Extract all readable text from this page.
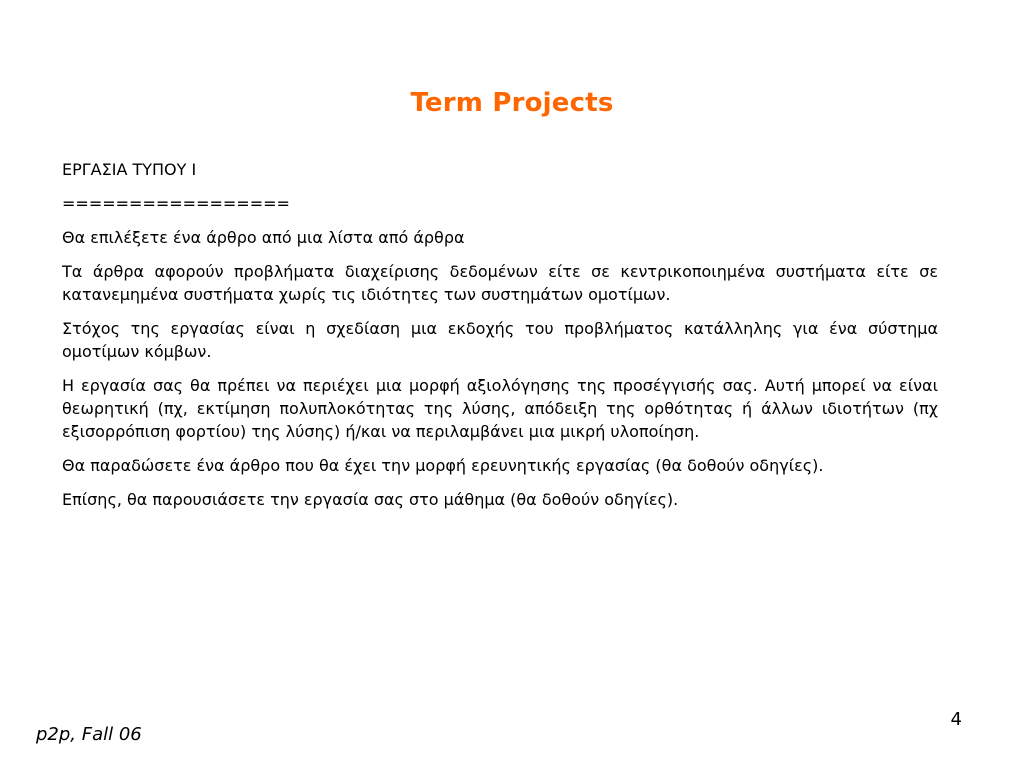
Term Projects

ΕΡΓΑΣΙΑ ΤΥΠΟΥ Ι

=================

Θα επιλέξετε ένα άρθρο από μια λίστα από άρθρα

Τα άρθρα αφορούν προβλήματα διαχείρισης δεδομένων είτε σε κεντρικοποιημένα συστήματα είτε σε κατανεμημένα συστήματα χωρίς τις ιδιότητες των συστημάτων ομοτίμων.

Στόχος της εργασίας είναι η σχεδίαση μια εκδοχής του προβλήματος κατάλληλης για ένα σύστημα ομοτίμων κόμβων.

Η εργασία σας θα πρέπει να περιέχει μια μορφή αξιολόγησης της προσέγγισής σας. Αυτή μπορεί να είναι θεωρητική (πχ, εκτίμηση πολυπλοκότητας της λύσης, απόδειξη της ορθότητας ή άλλων ιδιοτήτων (πχ εξισορρόπιση φορτίου) της λύσης) ή/και να περιλαμβάνει μια μικρή υλοποίηση.

Θα παραδώσετε ένα άρθρο που θα έχει την μορφή ερευνητικής εργασίας (θα δοθούν οδηγίες).

Επίσης, θα παρουσιάσετε την εργασία σας στο μάθημα (θα δοθούν οδηγίες).

p2p, Fall 06
4
